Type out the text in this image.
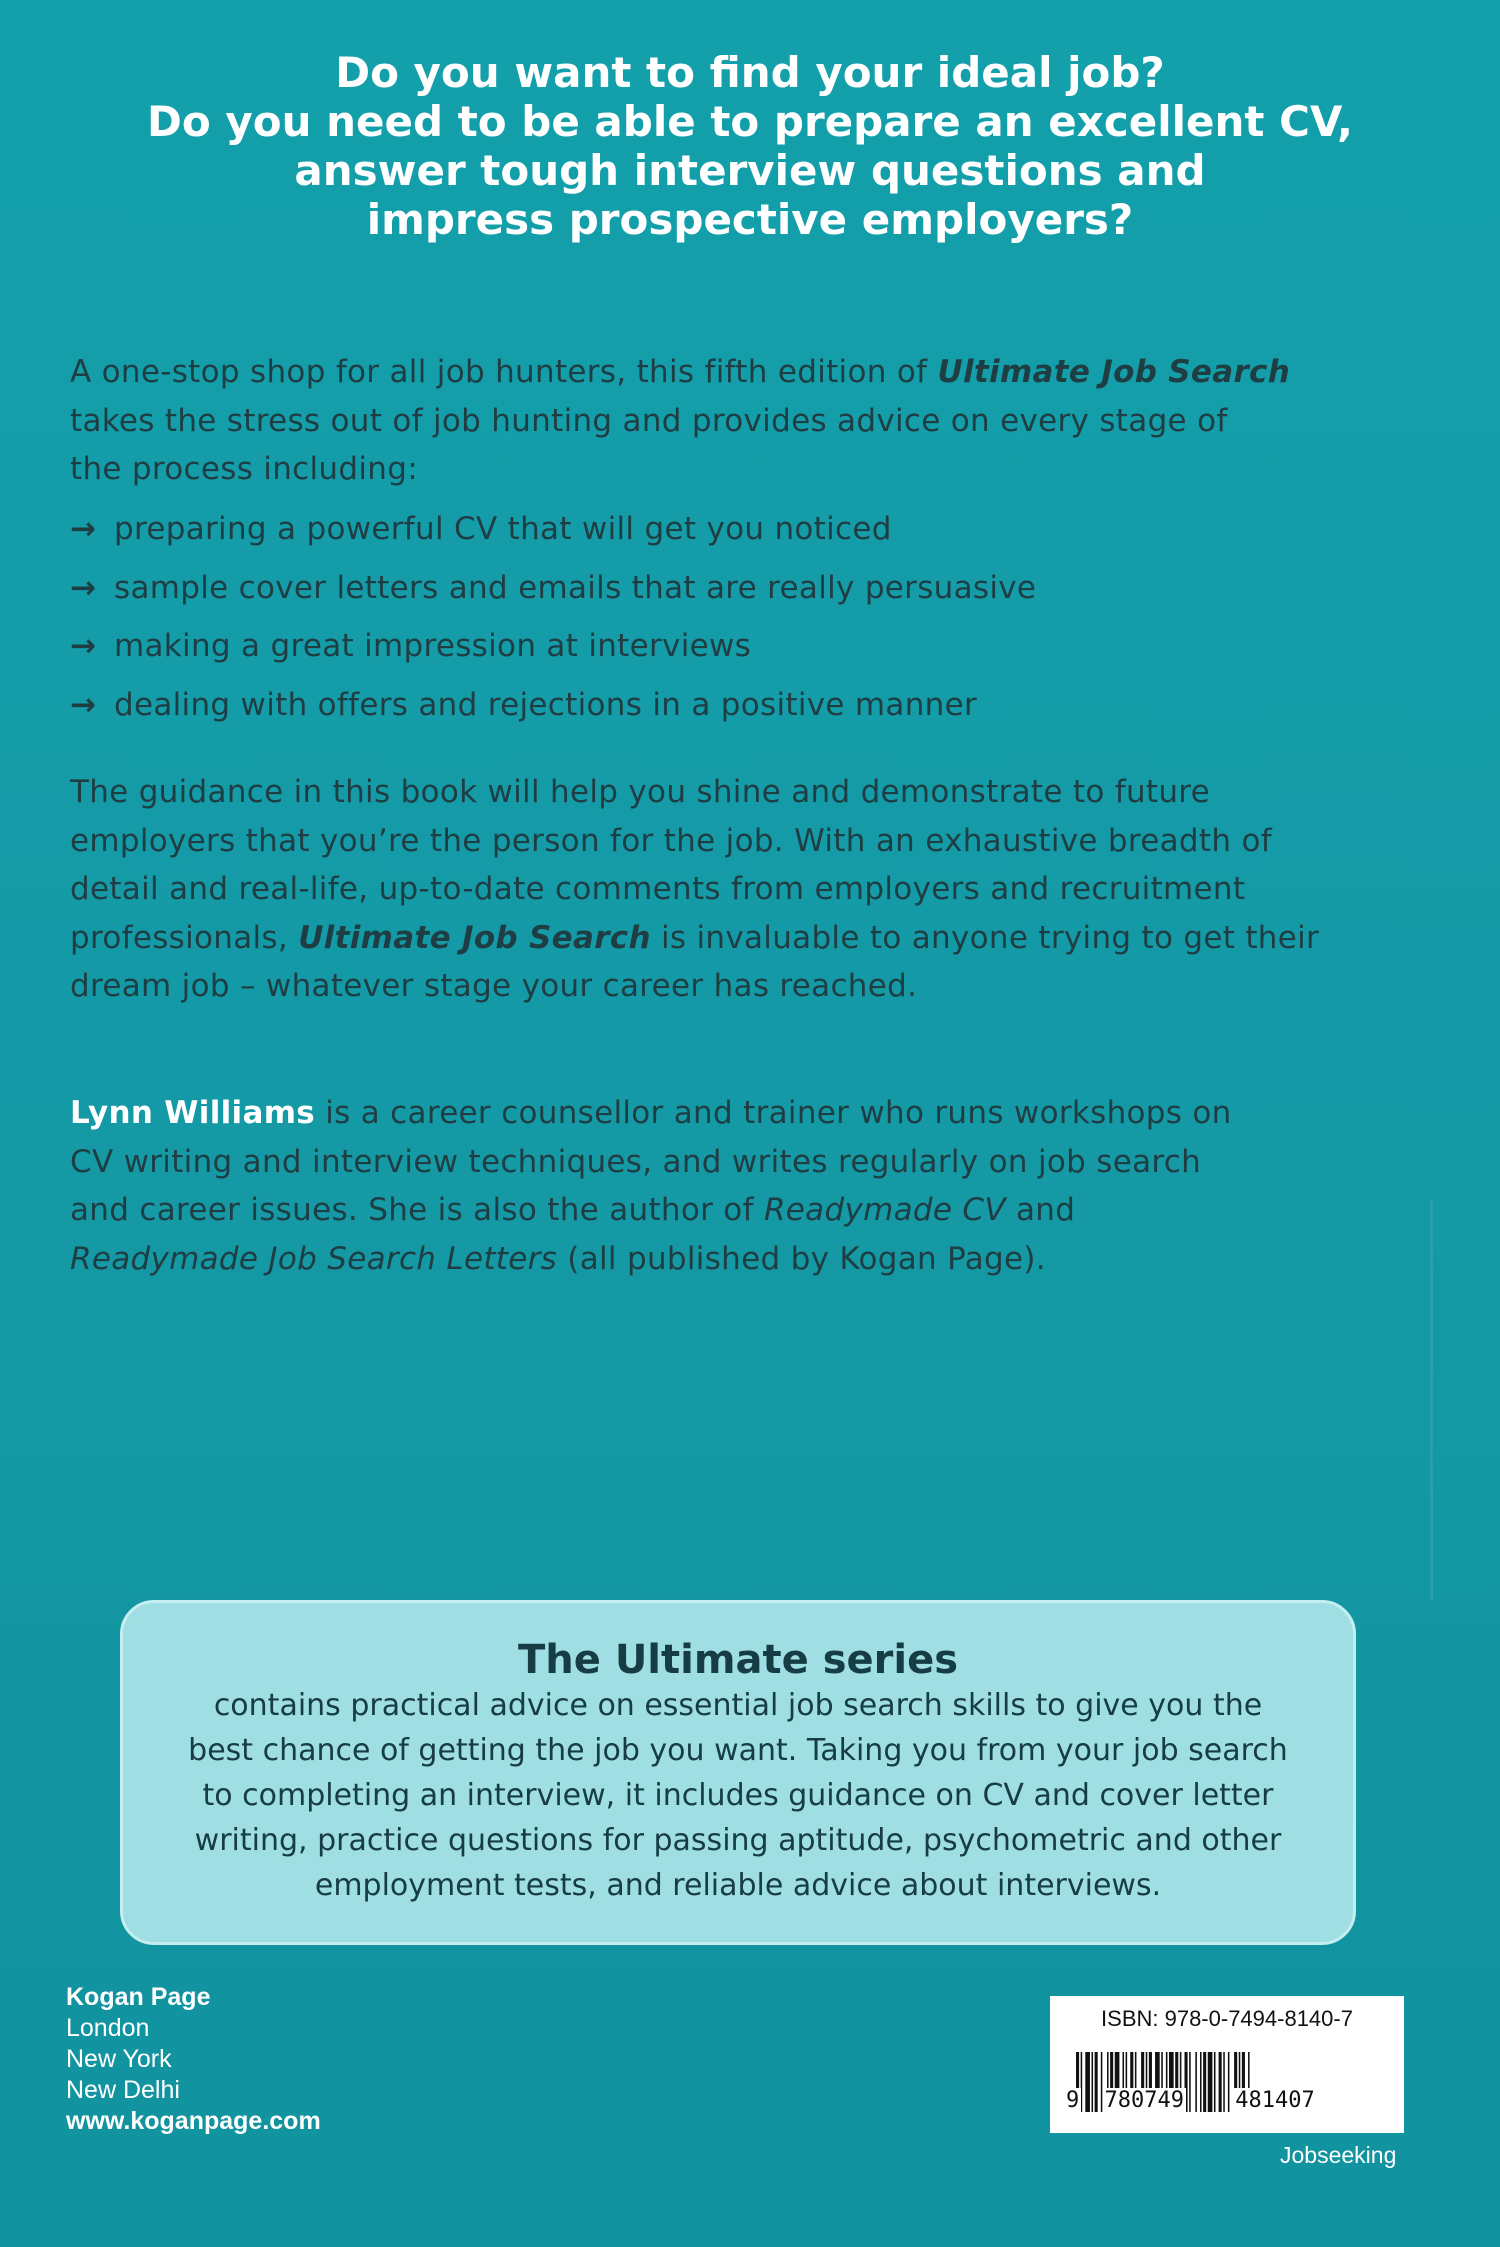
Do you want to find your ideal job?
Do you need to be able to prepare an excellent CV,
answer tough interview questions and
impress prospective employers?
A one-stop shop for all job hunters, this fifth edition of Ultimate Job Search
takes the stress out of job hunting and provides advice on every stage of
the process including:
→ preparing a powerful CV that will get you noticed
→ sample cover letters and emails that are really persuasive
→ making a great impression at interviews
→ dealing with offers and rejections in a positive manner
The guidance in this book will help you shine and demonstrate to future
employers that you’re the person for the job. With an exhaustive breadth of
detail and real-life, up-to-date comments from employers and recruitment
professionals, Ultimate Job Search is invaluable to anyone trying to get their
dream job – whatever stage your career has reached.
Lynn Williams is a career counsellor and trainer who runs workshops on
CV writing and interview techniques, and writes regularly on job search
and career issues. She is also the author of Readymade CV and
Readymade Job Search Letters (all published by Kogan Page).
The Ultimate series
contains practical advice on essential job search skills to give you the
best chance of getting the job you want. Taking you from your job search
to completing an interview, it includes guidance on CV and cover letter
writing, practice questions for passing aptitude, psychometric and other
employment tests, and reliable advice about interviews.
Kogan Page
London
New York
New Delhi
www.koganpage.com
ISBN: 978-0-7494-8140-7
9 780749 481407
Jobseeking
